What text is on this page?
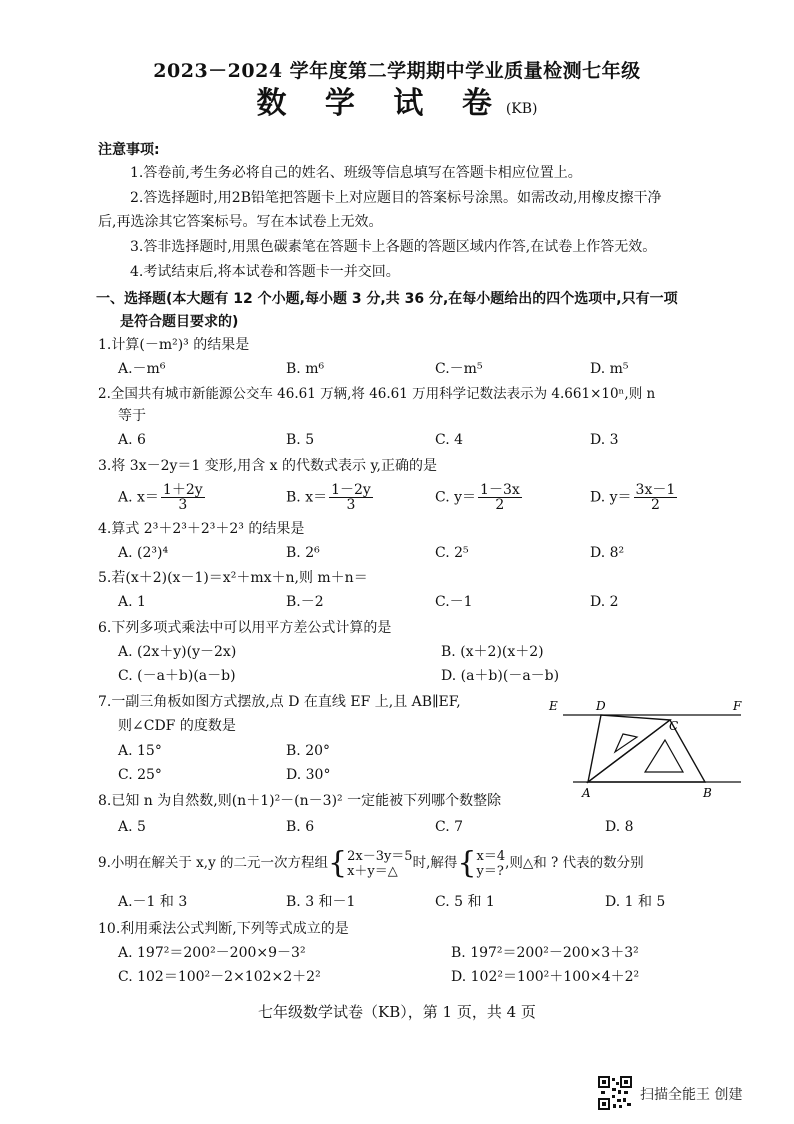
2023－2024 学年度第二学期期中学业质量检测七年级
数 学 试 卷(KB)
注意事项:
1.答卷前,考生务必将自己的姓名、班级等信息填写在答题卡相应位置上。
2.答选择题时,用2B铅笔把答题卡上对应题目的答案标号涂黑。如需改动,用橡皮擦干净
后,再选涂其它答案标号。写在本试卷上无效。
3.答非选择题时,用黑色碳素笔在答题卡上各题的答题区域内作答,在试卷上作答无效。
4.考试结束后,将本试卷和答题卡一并交回。
一、选择题(本大题有 12 个小题,每小题 3 分,共 36 分,在每小题给出的四个选项中,只有一项
是符合题目要求的)
1.计算(－m²)³ 的结果是
A.－m⁶	B. m⁶	C.－m⁵	D. m⁵
2.全国共有城市新能源公交车 46.61 万辆,将 46.61 万用科学记数法表示为 4.661×10ⁿ,则 n
等于
A. 6	B. 5	C. 4	D. 3
3.将 3x－2y＝1 变形,用含 x 的代数式表示 y,正确的是
A. $x= \frac{1+2y}{3}$	B. $x= \frac{1-2y}{3}$	C. $y= \frac{1-3x}{2}$	D. $y= \frac{3x-1}{2}$
4.算式 2³＋2³＋2³＋2³ 的结果是
A. (2³)⁴	B. 2⁶	C. 2⁵	D. 8²
5.若(x＋2)(x－1)＝x²＋mx＋n,则 m＋n＝
A. 1	B.－2	C.－1	D. 2
6.下列多项式乘法中可以用平方差公式计算的是
A. (2x＋y)(y－2x)	B. (x＋2)(x＋2)
C. (－a＋b)(a－b)	D. (a＋b)(－a－b)
7.一副三角板如图方式摆放,点 D 在直线 EF 上,且 AB∥EF,
则∠CDF 的度数是
A. 15°	B. 20°
C. 25°	D. 30°
E	D	F
C
A	B
8.已知 n 为自然数,则(n＋1)²－(n－3)² 一定能被下列哪个数整除
A. 5	B. 6	C. 7	D. 8
9.小明在解关于 x,y 的二元一次方程组{ 2x－3y＝5
x＋y＝△	时,解得{ x＝4
y＝? ,则△和 ? 代表的数分别
A.－1 和 3	B. 3 和－1	C. 5 和 1	D. 1 和 5
10.利用乘法公式判断,下列等式成立的是
A. 197²＝200²－200×9－3²	B. 197²＝200²－200×3＋3²
C. 102＝100²－2×102×2＋2²	D. 102²＝100²＋100×4＋2²
七年级数学试卷（KB），第 1 页，共 4 页
扫描全能王 创建
